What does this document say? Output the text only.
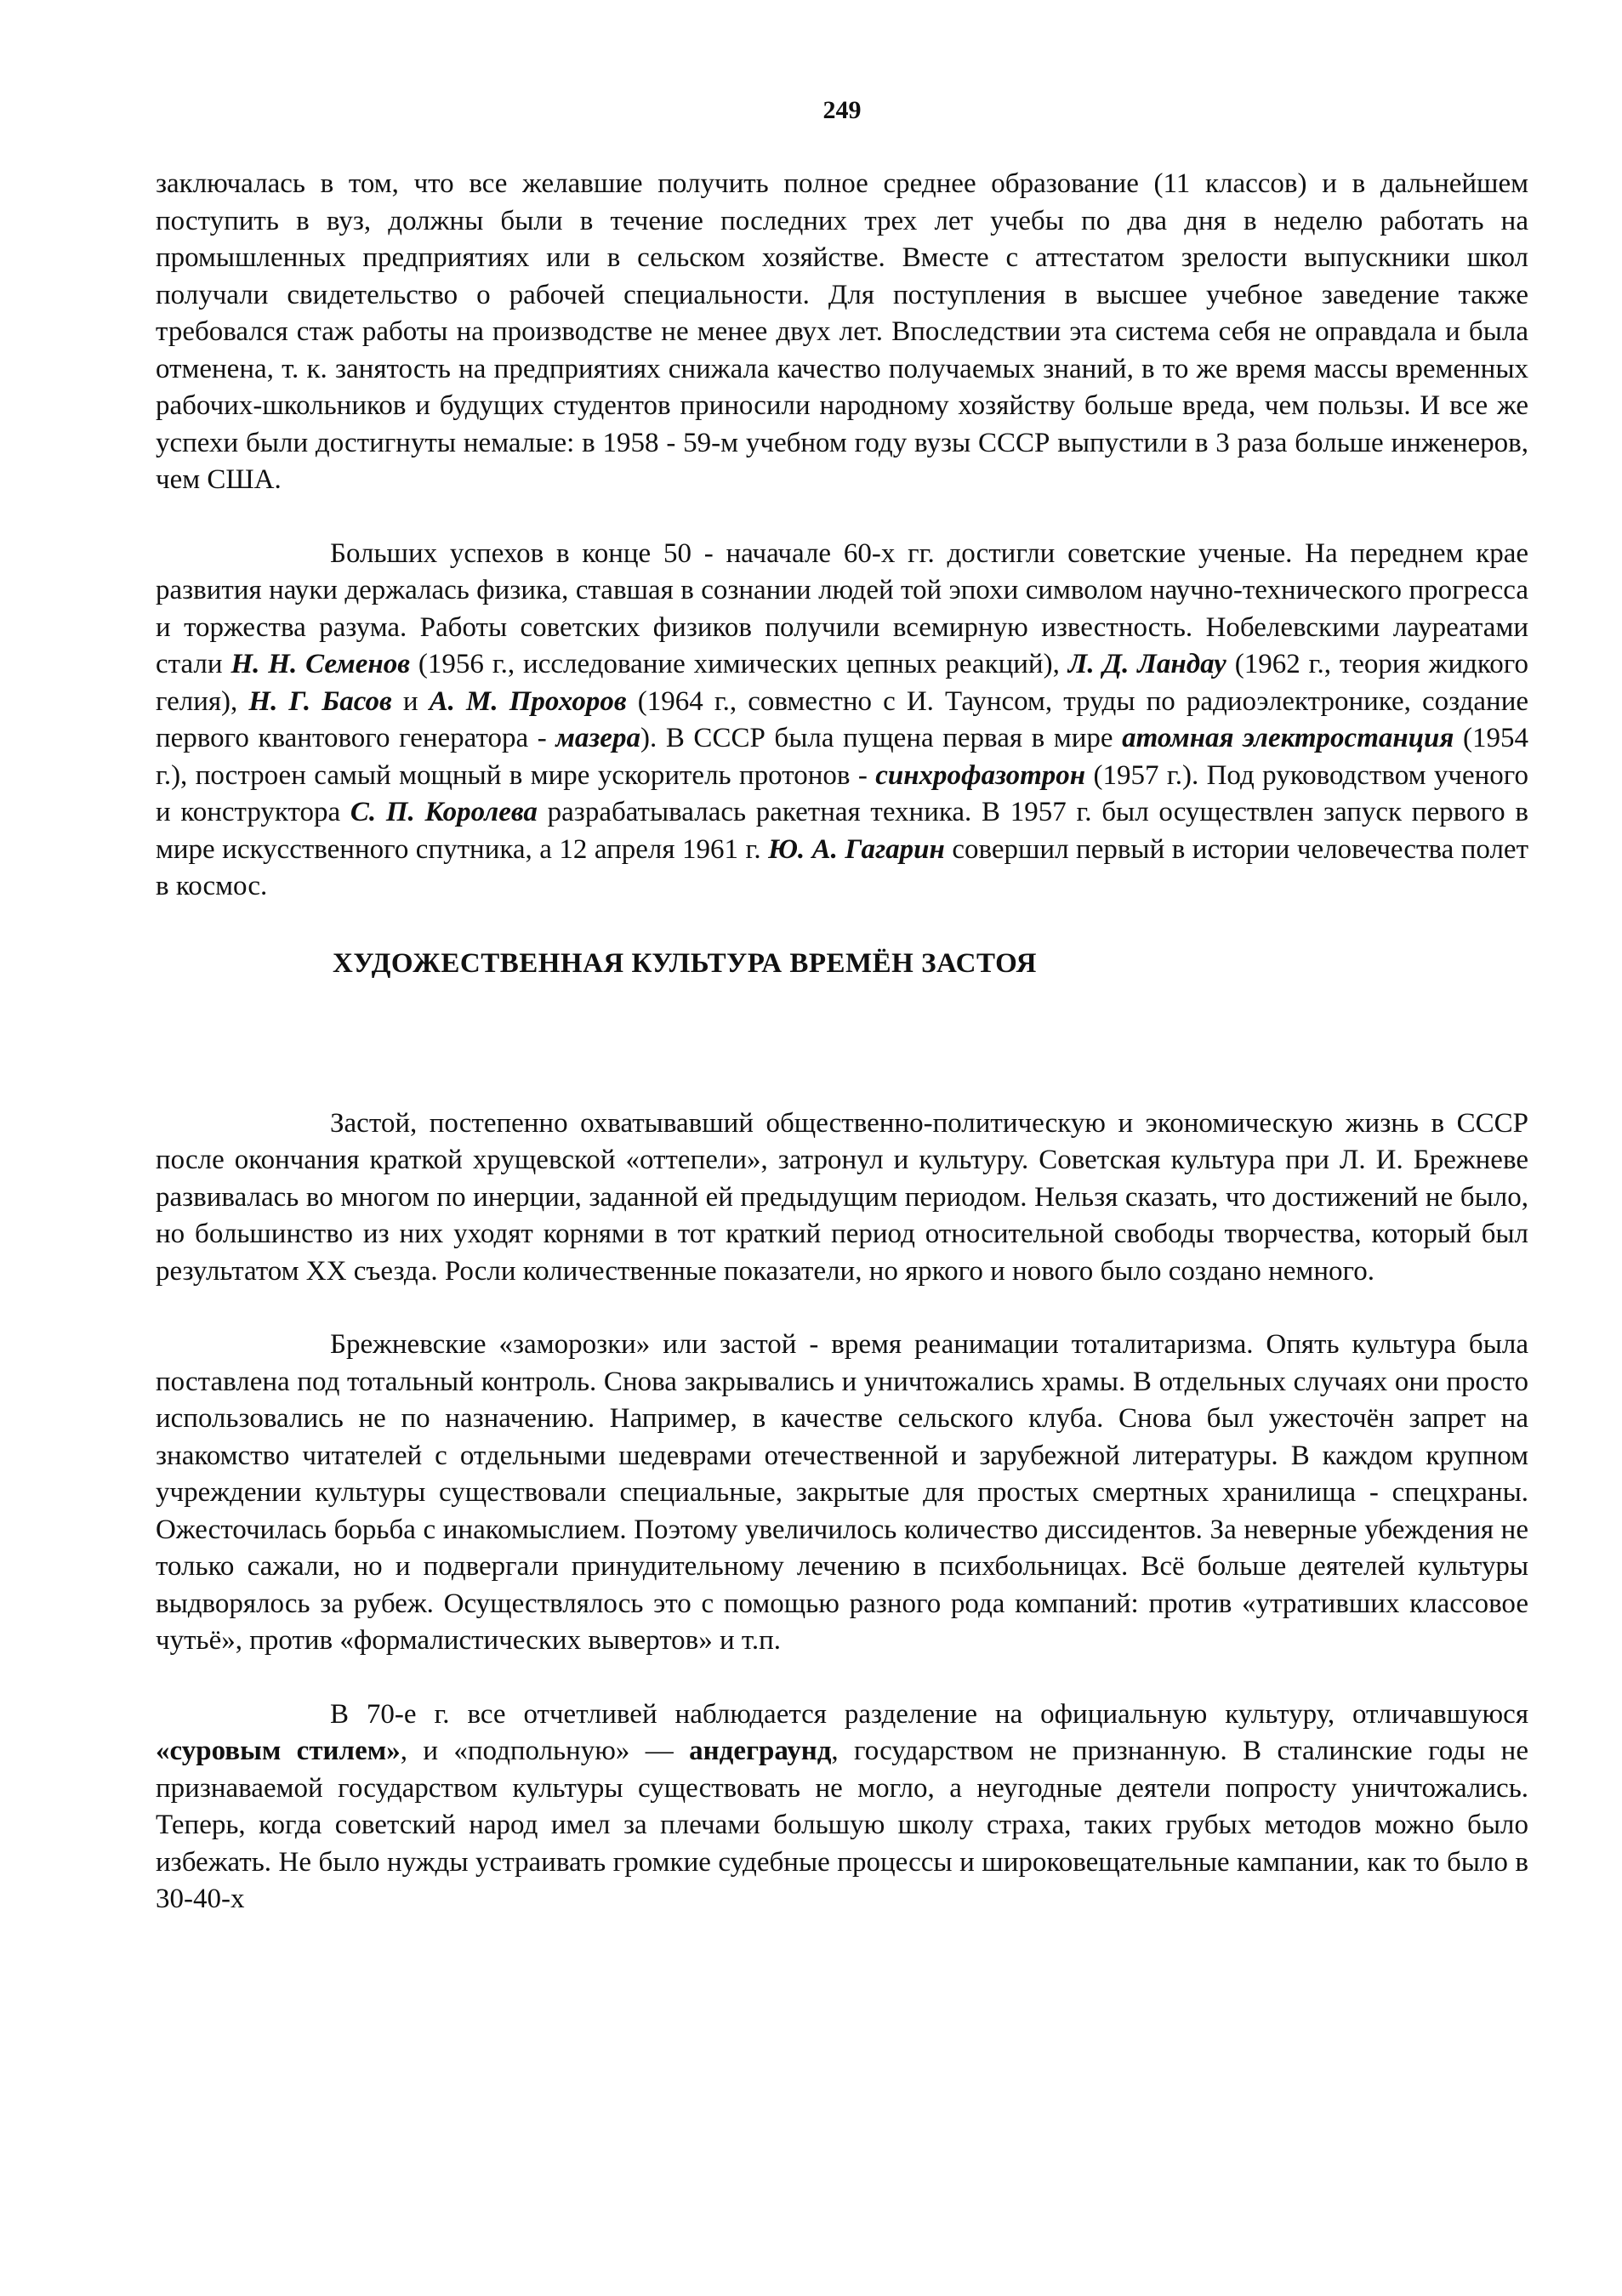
249

заключалась в том, что все желавшие получить полное среднее образование (11 классов) и в дальнейшем поступить в вуз, должны были в течение последних трех лет учебы по два дня в неделю работать на промышленных предприятиях или в сельском хозяйстве. Вместе с аттестатом зрелости выпускники школ получали свидетельство о рабочей специальности. Для поступления в высшее учебное заведение также требовался стаж работы на производстве не менее двух лет. Впоследствии эта система себя не оправдала и была отменена, т. к. занятость на предприятиях снижала качество получаемых знаний, в то же время массы временных рабочих-школьников и будущих студентов приносили народному хозяйству больше вреда, чем пользы. И все же успехи были достигнуты немалые: в 1958 - 59-м учебном году вузы СССР выпустили в 3 раза больше инженеров, чем США.

Больших успехов в конце 50 - начачале 60-х гг. достигли советские ученые. На переднем крае развития науки держалась физика, ставшая в сознании людей той эпохи символом научно-технического прогресса и торжества разума. Работы советских физиков получили всемирную известность. Нобелевскими лауреатами стали Н. Н. Семенов (1956 г., исследование химических цепных реакций), Л. Д. Ландау (1962 г., теория жидкого гелия), Н. Г. Басов и А. М. Прохоров (1964 г., совместно с И. Таунсом, труды по радиоэлектронике, создание первого квантового генератора - мазера). В СССР была пущена первая в мире атомная электростанция (1954 г.), построен самый мощный в мире ускоритель протонов - синхрофазотрон (1957 г.). Под руководством ученого и конструктора С. П. Королева разрабатывалась ракетная техника. В 1957 г. был осуществлен запуск первого в мире искусственного спутника, а 12 апреля 1961 г. Ю. А. Гагарин совершил первый в истории человечества полет в космос.

ХУДОЖЕСТВЕННАЯ КУЛЬТУРА ВРЕМЁН ЗАСТОЯ

Застой, постепенно охватывавший общественно-политическую и экономическую жизнь в СССР после окончания краткой хрущевской «оттепели», затронул и культуру. Советская культура при Л. И. Брежневе развивалась во многом по инерции, заданной ей предыдущим периодом. Нельзя сказать, что достижений не было, но большинство из них уходят корнями в тот краткий период относительной свободы творчества, который был результатом XX съезда. Росли количественные показатели, но яркого и нового было создано немного.

Брежневские «заморозки» или застой - время реанимации тоталитаризма. Опять культура была поставлена под тотальный контроль. Снова закрывались и уничтожались храмы. В отдельных случаях они просто использовались не по назначению. Например, в качестве сельского клуба. Снова был ужесточён запрет на знакомство читателей с отдельными шедеврами отечественной и зарубежной литературы. В каждом крупном учреждении культуры существовали специальные, закрытые для простых смертных хранилища - спецхраны. Ожесточилась борьба с инакомыслием. Поэтому увеличилось количество диссидентов. За неверные убеждения не только сажали, но и подвергали принудительному лечению в психбольницах. Всё больше деятелей культуры выдворялось за рубеж. Осуществлялось это с помощью разного рода компаний: против «утративших классовое чутьё», против «формалистических вывертов» и т.п.

В 70-е г. все отчетливей наблюдается разделение на официальную культуру, отличавшуюся «суровым стилем», и «подпольную» — андеграунд, государством не признанную. В сталинские годы не признаваемой государством культуры существовать не могло, а неугодные деятели попросту уничтожались. Теперь, когда советский народ имел за плечами большую школу страха, таких грубых методов можно было избежать. Не было нужды устраивать громкие судебные процессы и широковещательные кампании, как то было в 30-40-х
